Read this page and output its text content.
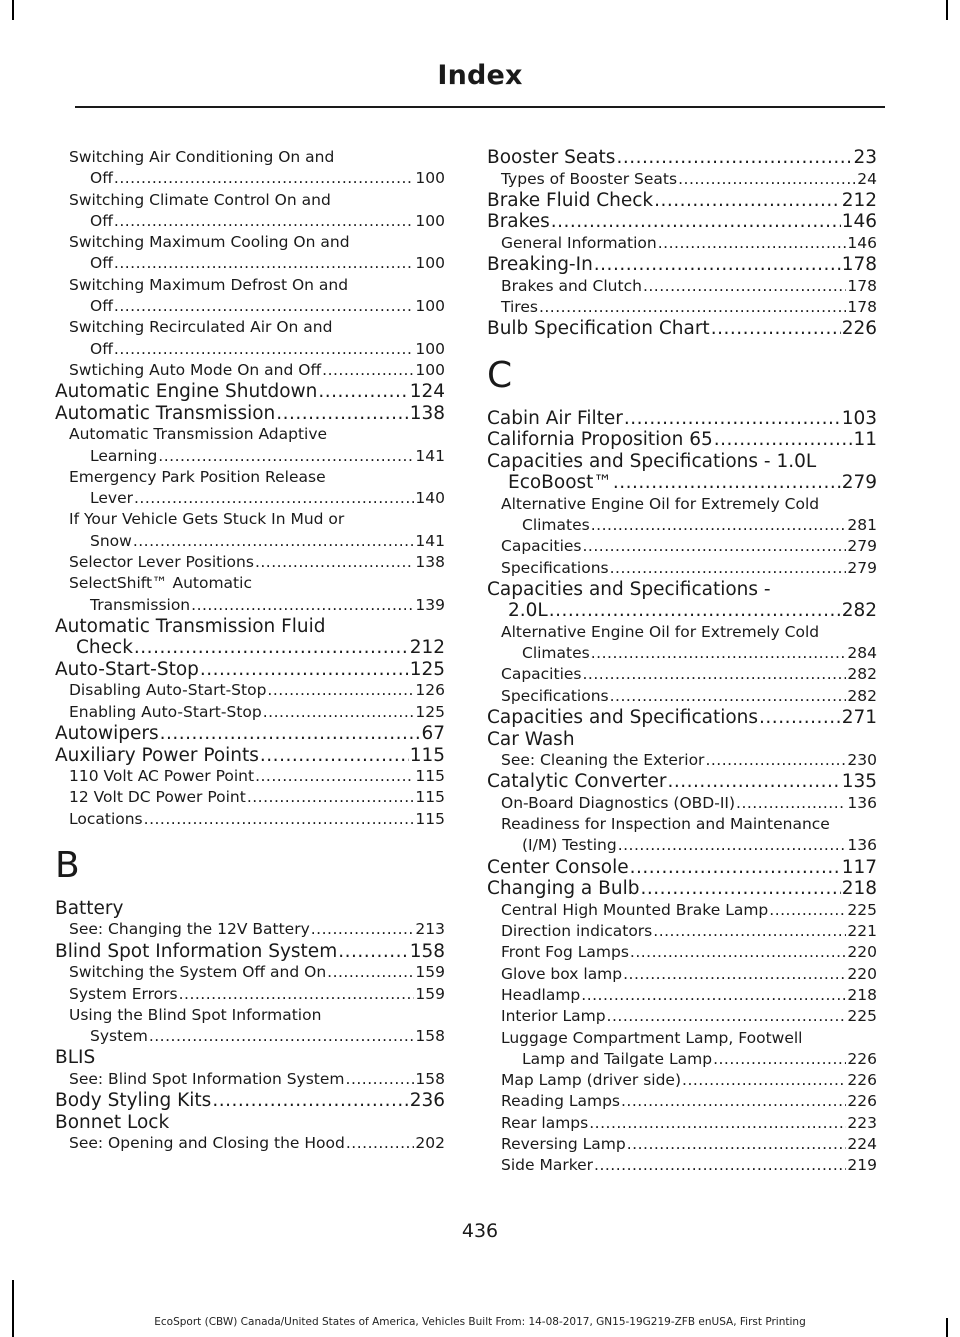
Index
Switching Air Conditioning On and
Off .....	100
Switching Climate Control On and
Off .....	100
Switching Maximum Cooling On and
Off .....	100
Switching Maximum Defrost On and
Off .....	100
Switching Recirculated Air On and
Off .....	100
Swtiching Auto Mode On and Off .....	100
Automatic Engine Shutdown .....	124
Automatic Transmission .....	138
Automatic Transmission Adaptive
Learning .....	141
Emergency Park Position Release
Lever .....	140
If Your Vehicle Gets Stuck In Mud or
Snow .....	141
Selector Lever Positions .....	138
SelectShift™ Automatic
Transmission .....	139
Automatic Transmission Fluid
Check .....	212
Auto-Start-Stop .....	125
Disabling Auto-Start-Stop .....	126
Enabling Auto-Start-Stop .....	125
Autowipers .....	67
Auxiliary Power Points .....	115
110 Volt AC Power Point .....	115
12 Volt DC Power Point .....	115
Locations .....	115
B
Battery
See: Changing the 12V Battery .....	213
Blind Spot Information System .....	158
Switching the System Off and On .....	159
System Errors .....	159
Using the Blind Spot Information
System .....	158
BLIS
See: Blind Spot Information System .....	158
Body Styling Kits .....	236
Bonnet Lock
See: Opening and Closing the Hood .....	202
Booster Seats .....	23
Types of Booster Seats .....	24
Brake Fluid Check .....	212
Brakes .....	146
General Information .....	146
Breaking-In .....	178
Brakes and Clutch .....	178
Tires .....	178
Bulb Specification Chart .....	226
C
Cabin Air Filter .....	103
California Proposition 65 .....	11
Capacities and Specifications - 1.0L
EcoBoost™ .....	279
Alternative Engine Oil for Extremely Cold
Climates .....	281
Capacities .....	279
Specifications .....	279
Capacities and Specifications -
2.0L .....	282
Alternative Engine Oil for Extremely Cold
Climates .....	284
Capacities .....	282
Specifications .....	282
Capacities and Specifications .....	271
Car Wash
See: Cleaning the Exterior .....	230
Catalytic Converter .....	135
On-Board Diagnostics (OBD-II) .....	136
Readiness for Inspection and Maintenance
(I/M) Testing .....	136
Center Console .....	117
Changing a Bulb .....	218
Central High Mounted Brake Lamp .....	225
Direction indicators .....	221
Front Fog Lamps .....	220
Glove box lamp .....	220
Headlamp .....	218
Interior Lamp .....	225
Luggage Compartment Lamp, Footwell
Lamp and Tailgate Lamp .....	226
Map Lamp (driver side) .....	226
Reading Lamps .....	226
Rear lamps .....	223
Reversing Lamp .....	224
Side Marker .....	219
436
EcoSport (CBW) Canada/United States of America, Vehicles Built From: 14-08-2017, GN15-19G219-ZFB enUSA, First Printing
